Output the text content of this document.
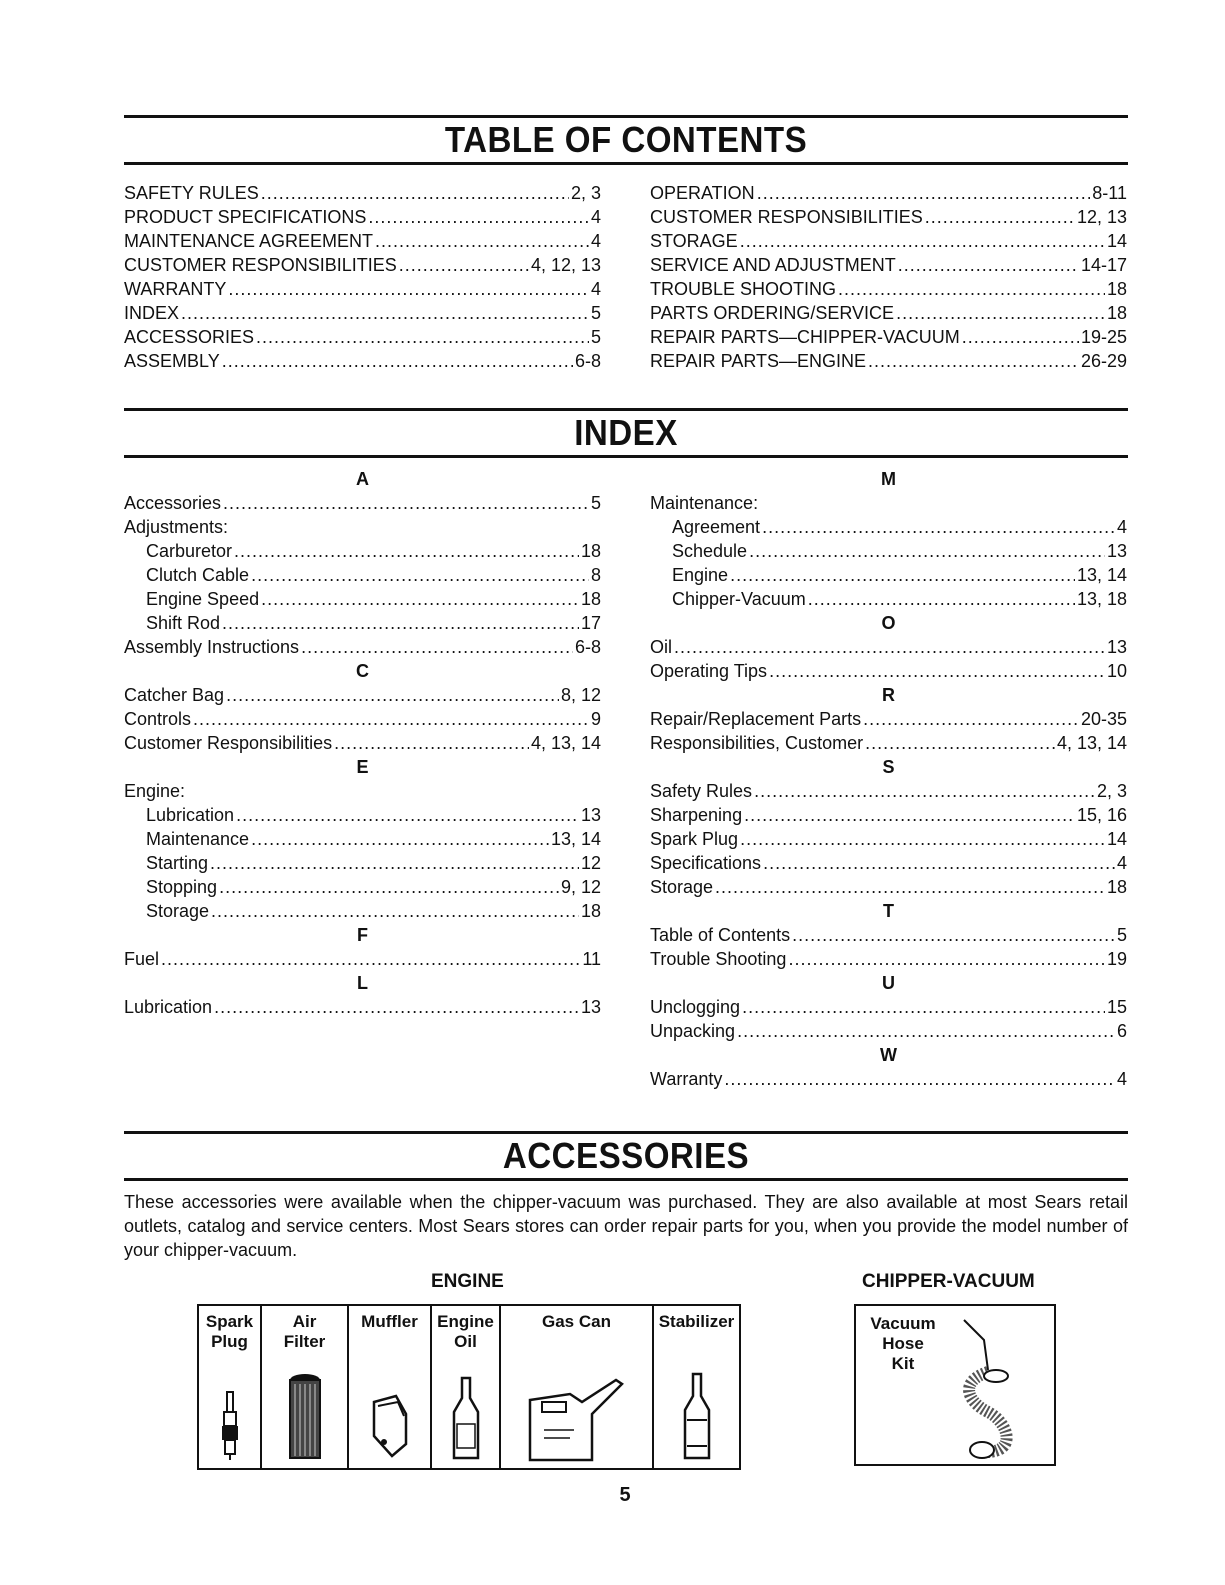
TABLE OF CONTENTS
SAFETY RULES .....	2, 3
PRODUCT SPECIFICATIONS .....	4
MAINTENANCE AGREEMENT .....	4
CUSTOMER RESPONSIBILITIES .....	4, 12, 13
WARRANTY .....	4
INDEX .....	5
ACCESSORIES .....	5
ASSEMBLY .....	6-8
OPERATION .....	8-11
CUSTOMER RESPONSIBILITIES .....	12, 13
STORAGE .....	14
SERVICE AND ADJUSTMENT .....	14-17
TROUBLE SHOOTING .....	18
PARTS ORDERING/SERVICE .....	18
REPAIR PARTS—CHIPPER-VACUUM .....	19-25
REPAIR PARTS—ENGINE .....	26-29
INDEX
A
Accessories .....	5
Adjustments:
Carburetor .....	18
Clutch Cable .....	8
Engine Speed .....	18
Shift Rod .....	17
Assembly Instructions .....	6-8
C
Catcher Bag .....	8, 12
Controls .....	9
Customer Responsibilities .....	4, 13, 14
E
Engine:
Lubrication .....	13
Maintenance .....	13, 14
Starting .....	12
Stopping .....	9, 12
Storage .....	18
F
Fuel .....	11
L
Lubrication .....	13
M
Maintenance:
Agreement .....	4
Schedule .....	13
Engine .....	13, 14
Chipper-Vacuum .....	13, 18
O
Oil .....	13
Operating Tips .....	10
R
Repair/Replacement Parts .....	20-35
Responsibilities, Customer .....	4, 13, 14
S
Safety Rules .....	2, 3
Sharpening .....	15, 16
Spark Plug .....	14
Specifications .....	4
Storage .....	18
T
Table of Contents .....	5
Trouble Shooting .....	19
U
Unclogging .....	15
Unpacking .....	6
W
Warranty .....	4
ACCESSORIES

These accessories were available when the chipper-vacuum was purchased. They are also available at most Sears retail outlets, catalog and service centers. Most Sears stores can order repair parts for you, when you provide the model number of your chipper-vacuum.

ENGINE	CHIPPER-VACUUM
Spark
Plug
Air
Filter
Muffler	Engine
Oil
Gas Can	Stabilizer	Vacuum
Hose
Kit
5
